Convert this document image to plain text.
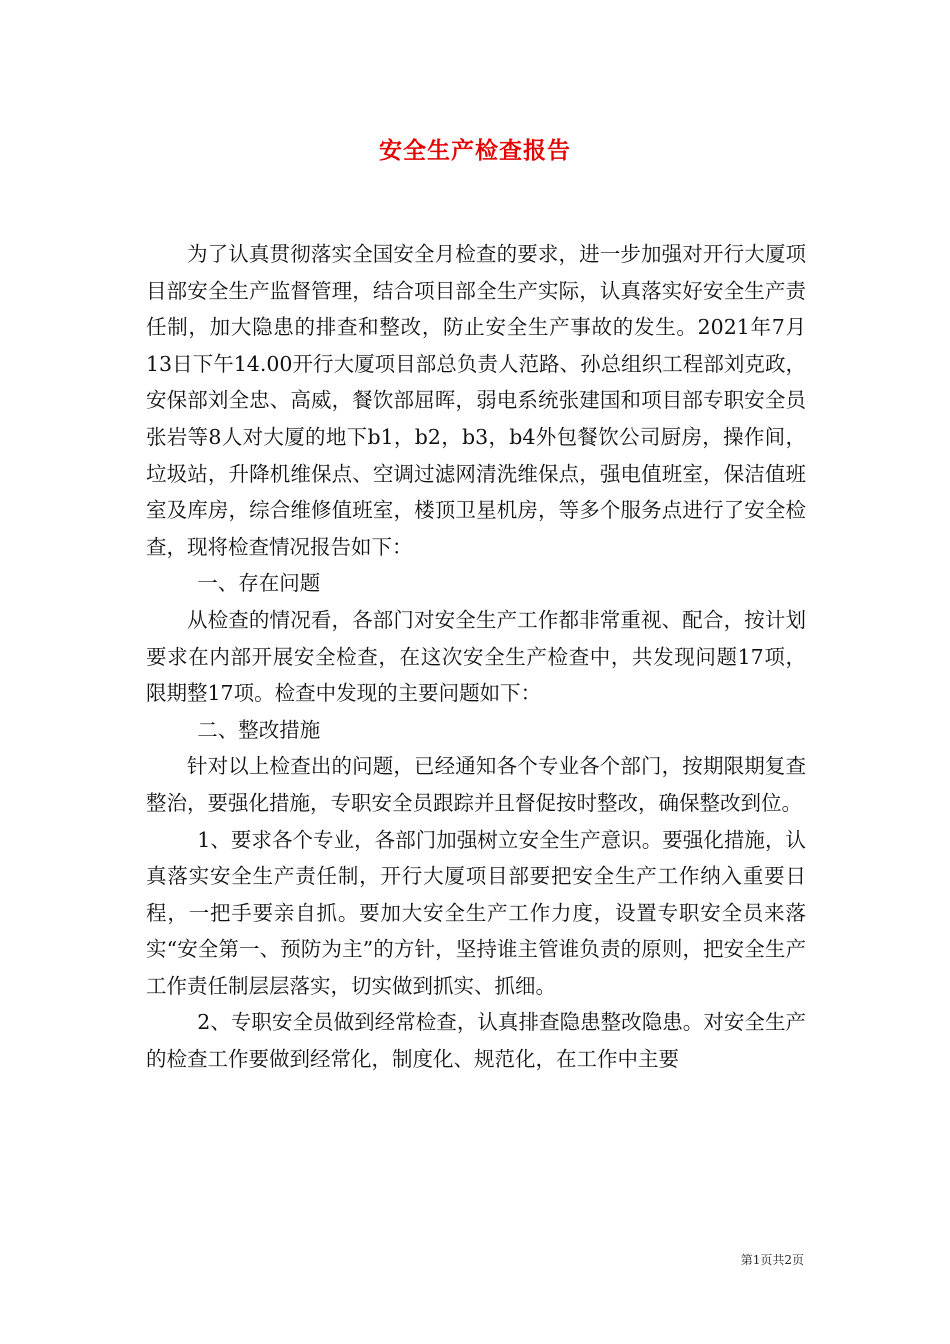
安全生产检查报告

为了认真贯彻落实全国安全月检查的要求，进一步加强对开行大厦项目部安全生产监督管理，结合项目部全生产实际，认真落实好安全生产责任制，加大隐患的排查和整改，防止安全生产事故的发生。2021年7月13日下午14.00开行大厦项目部总负责人范路、孙总组织工程部刘克政，安保部刘全忠、高威，餐饮部屈晖，弱电系统张建国和项目部专职安全员张岩等8人对大厦的地下b1，b2，b3，b4外包餐饮公司厨房，操作间，垃圾站，升降机维保点、空调过滤网清洗维保点，强电值班室，保洁值班室及库房，综合维修值班室，楼顶卫星机房，等多个服务点进行了安全检查，现将检查情况报告如下：

一、存在问题

从检查的情况看，各部门对安全生产工作都非常重视、配合，按计划要求在内部开展安全检查，在这次安全生产检查中，共发现问题17项，限期整17项。检查中发现的主要问题如下：

二、整改措施

针对以上检查出的问题，已经通知各个专业各个部门，按期限期复查整治，要强化措施，专职安全员跟踪并且督促按时整改，确保整改到位。

1、要求各个专业，各部门加强树立安全生产意识。要强化措施，认真落实安全生产责任制，开行大厦项目部要把安全生产工作纳入重要日程，一把手要亲自抓。要加大安全生产工作力度，设置专职安全员来落实“安全第一、预防为主”的方针，坚持谁主管谁负责的原则，把安全生产工作责任制层层落实，切实做到抓实、抓细。

2、专职安全员做到经常检查，认真排查隐患整改隐患。对安全生产的检查工作要做到经常化，制度化、规范化，在工作中主要

第1页共2页
